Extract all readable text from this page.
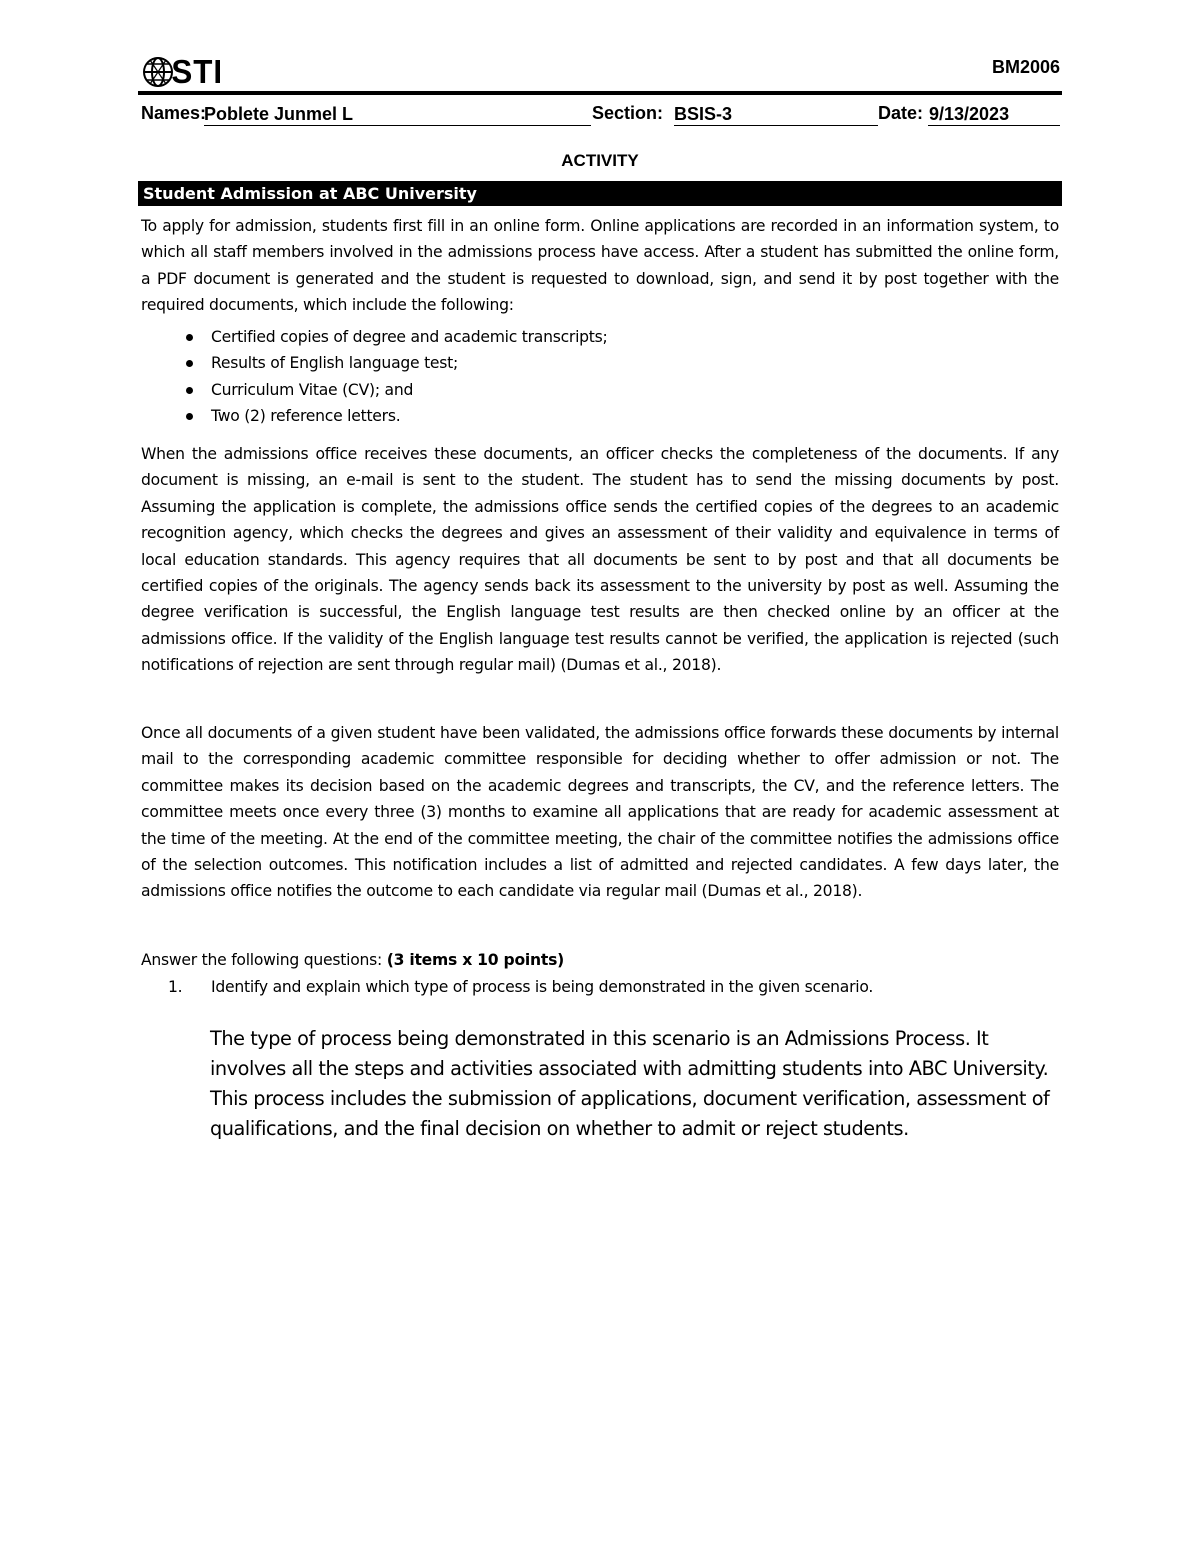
STI	BM2006
Names:
Poblete Junmel L	Section: BSIS-3	Date: 9/13/2023
ACTIVITY
Student Admission at ABC University
To apply for admission, students first fill in an online form. Online applications are recorded in an information system, to which all staff members involved in the admissions process have access. After a student has submitted the online form, a PDF document is generated and the student is requested to download, sign, and send it by post together with the required documents, which include the following:
Certified copies of degree and academic transcripts;
Results of English language test;
Curriculum Vitae (CV); and
Two (2) reference letters.
When the admissions office receives these documents, an officer checks the completeness of the documents. If any document is missing, an e-mail is sent to the student. The student has to send the missing documents by post. Assuming the application is complete, the admissions office sends the certified copies of the degrees to an academic recognition agency, which checks the degrees and gives an assessment of their validity and equivalence in terms of local education standards. This agency requires that all documents be sent to by post and that all documents be certified copies of the originals. The agency sends back its assessment to the university by post as well. Assuming the degree verification is successful, the English language test results are then checked online by an officer at the admissions office. If the validity of the English language test results cannot be verified, the application is rejected (such notifications of rejection are sent through regular mail) (Dumas et al., 2018).
Once all documents of a given student have been validated, the admissions office forwards these documents by internal mail to the corresponding academic committee responsible for deciding whether to offer admission or not. The committee makes its decision based on the academic degrees and transcripts, the CV, and the reference letters. The committee meets once every three (3) months to examine all applications that are ready for academic assessment at the time of the meeting. At the end of the committee meeting, the chair of the committee notifies the admissions office of the selection outcomes. This notification includes a list of admitted and rejected candidates. A few days later, the admissions office notifies the outcome to each candidate via regular mail (Dumas et al., 2018).
Answer the following questions: (3 items x 10 points)
1. Identify and explain which type of process is being demonstrated in the given scenario.
The type of process being demonstrated in this scenario is an Admissions Process. It involves all the steps and activities associated with admitting students into ABC University. This process includes the submission of applications, document verification, assessment of qualifications, and the final decision on whether to admit or reject students.
